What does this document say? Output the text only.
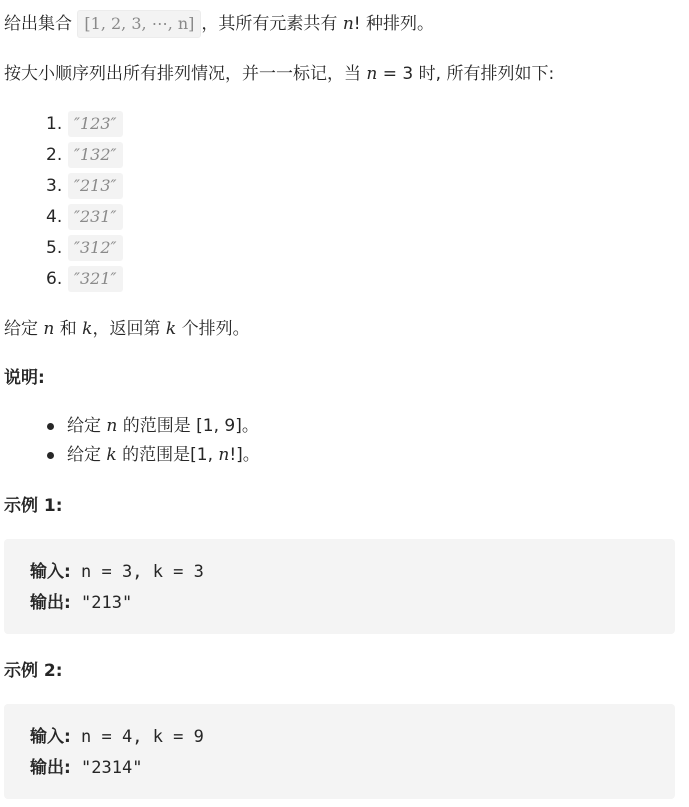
给出集合 [1, 2, 3, ⋯, n] ，其所有元素共有 n! 种排列。
按大小顺序列出所有排列情况，并一一标记，当 n = 3 时, 所有排列如下:
1. ″123″
2. ″132″
3. ″213″
4. ″231″
5. ″312″
6. ″321″
给定 n 和 k，返回第 k 个排列。
说明:
给定 n 的范围是 [1, 9]。
给定 k 的范围是[1, n!]。
示例 1:
输入: n = 3, k = 3
输出: "213"
示例 2:
输入: n = 4, k = 9
输出: "2314"
